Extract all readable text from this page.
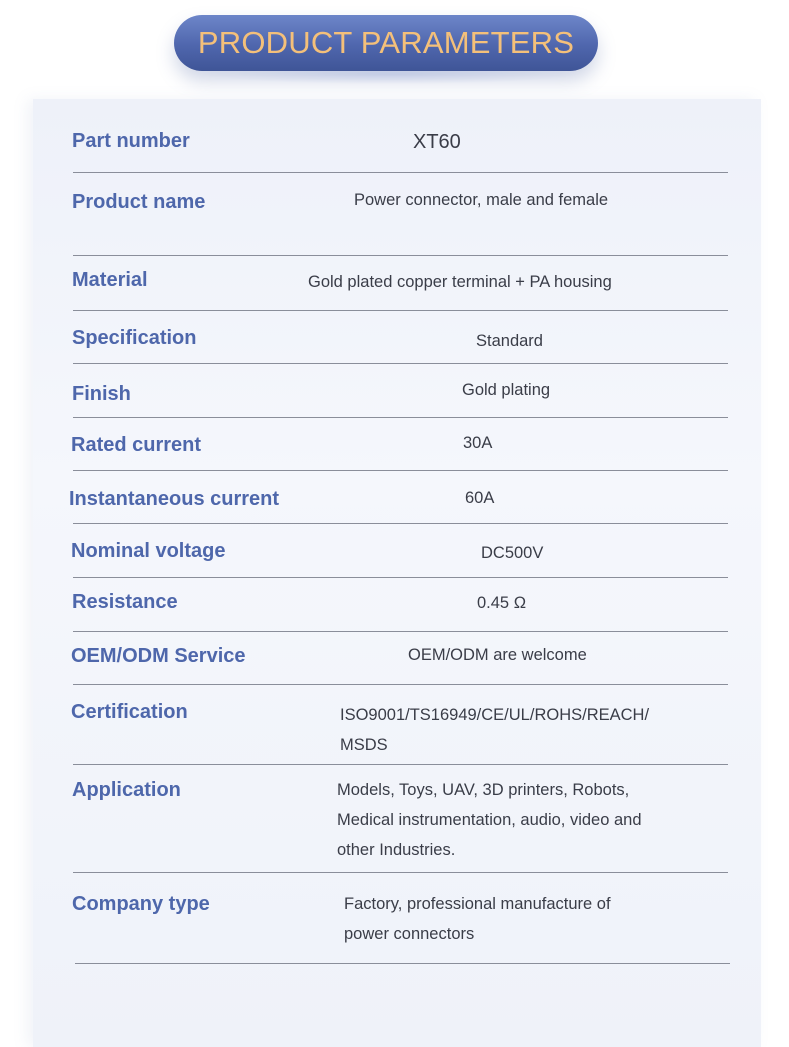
PRODUCT PARAMETERS
Part number	XT60
Product name	Power connector, male and female
Material	Gold plated copper terminal + PA housing
Specification	Standard
Finish	Gold plating
Rated current	30A
Instantaneous current	60A
Nominal voltage	DC500V
Resistance	0.45 Ω
OEM/ODM Service	OEM/ODM are welcome
Certification	ISO9001/TS16949/CE/UL/ROHS/REACH/
MSDS
Application	Models, Toys, UAV, 3D printers, Robots,
Medical instrumentation, audio, video and
other Industries.
Company type	Factory, professional manufacture of
power connectors
